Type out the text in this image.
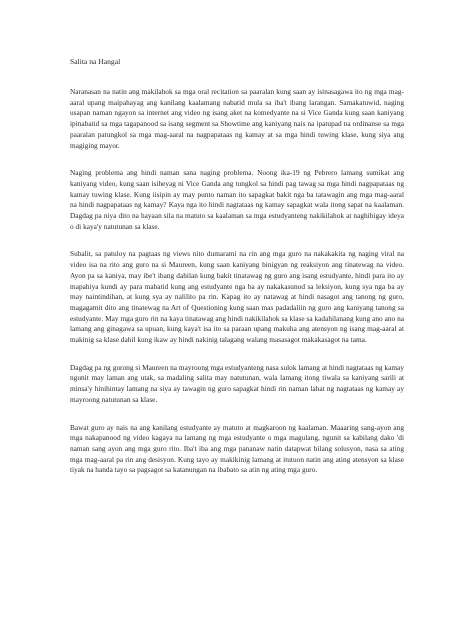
Salita na Hangal

Naranasan na natin ang makilahok sa mga oral recitation sa paaralan kung saan ay isinasagawa ito ng mga mag-aaral upang maipahayag ang kanilang kaalamang nabatid mula sa iba't ibang larangan. Samakatuwid, naging usapan naman ngayon sa internet ang video ng isang aket na komedyante na si Vice Ganda kung saan kaniyang ipinabatid sa mga tagapanood sa isang segment sa Showtime ang kaniyang nais na ipatupad na ordinanse sa mga paaralan patungkol sa mga mag-aaral na nagpapataas ng kamay at sa mga hindi tuwing klase, kung siya ang magiging mayor.

Naging problema ang hindi naman sana naging problema. Noong ika-19 ng Pebrero lamang sumikat ang kaniyang video, kung saan isiheyag ni Vice Ganda ang tungkol sa hindi pag tawag sa mga hindi nagpapataas ng kamay tuwing klase. Kung iisipin ay may punto naman ito sapagkat bakit nga ba tatawagin ang mga mag-aaral na hindi nagpapataas ng kamay? Kaya nga ito hindi nagtataas ng kamay sapagkat wala itong sapat na kaalaman. Dagdag pa niya dito na hayaan sila na matuto sa kaalaman sa mga estudyanteng nakikilahok at naghibigay ideya o di kaya'y natutunan sa klase.

Subalit, sa patuloy na pagtaas ng views nito dumarami na rin ang mga guro na nakakakita ng naging viral na video isa na rito ang guro na si Maureen, kung saan kaniyang binigyan ng reaksiyon ang tinatewag na video. Ayon pa sa kaniya, may ibe't ibang dahilan kung bakit tinatawag ng guro ang isang estudyante, hindi para ito ay mapahiya kundi ay para mabatid kung ang estudyante nga ba ay nakakasunod sa leksiyon, kung sya nga ba ay may naintindihan, at kung sya ay nalilito pa rin. Kapag ito ay natawag at hindi nasagot ang tanong ng guro, magagamit dito ang tinatewag na Art of Questioning kung saan mas padadaliin ng guro ang kaniyang tanong sa estudyante. May mga guro rin na kaya tinatawag ang hindi nakikilahok sa klase sa kadahilanang kung ano ano na lamang ang ginagawa sa upuan, kung kaya't isa ito sa paraan upang makuha ang atensyon ng isang mag-aaral at makinig sa klase dahil kung ikaw ay hindi nakinig talagang walang masasagot makakasagot na tama.

Dagdag pa ng gurong si Maureen na mayroong mga estudyanteng nasa sulok lamang at hindi nagtataas ng kamay ngunit may laman ang utak, sa madaling salita may natutunan, wala lamang itong tiwala sa kaniyang sarili at minsa'y hinihintay lamang na siya ay tawagin ng guro sapagkat hindi rin naman lahat ng nagtataas ng kamay ay mayroong natutunan sa klase.

Bawat guro ay nais na ang kanilang estudyante ay matuto at magkaroon ng kaalaman. Maaaring sang-ayon ang mga nakapanood ng video kagaya na lamang ng mga estudyante o mga magulang, ngunit sa kabilang dako 'di naman sang ayon ang mga guro rito. Iba't iba ang mga pananaw natin datapwat bilang solusyon, nasa sa ating mga mag-aaral pa rin ang desisyon. Kung tayo ay makikinig lamang at itutuon natin ang ating atensyon sa klase tiyak na handa tayo sa pagsagot sa katanungan na ibabato sa atin ng ating mga guro.
